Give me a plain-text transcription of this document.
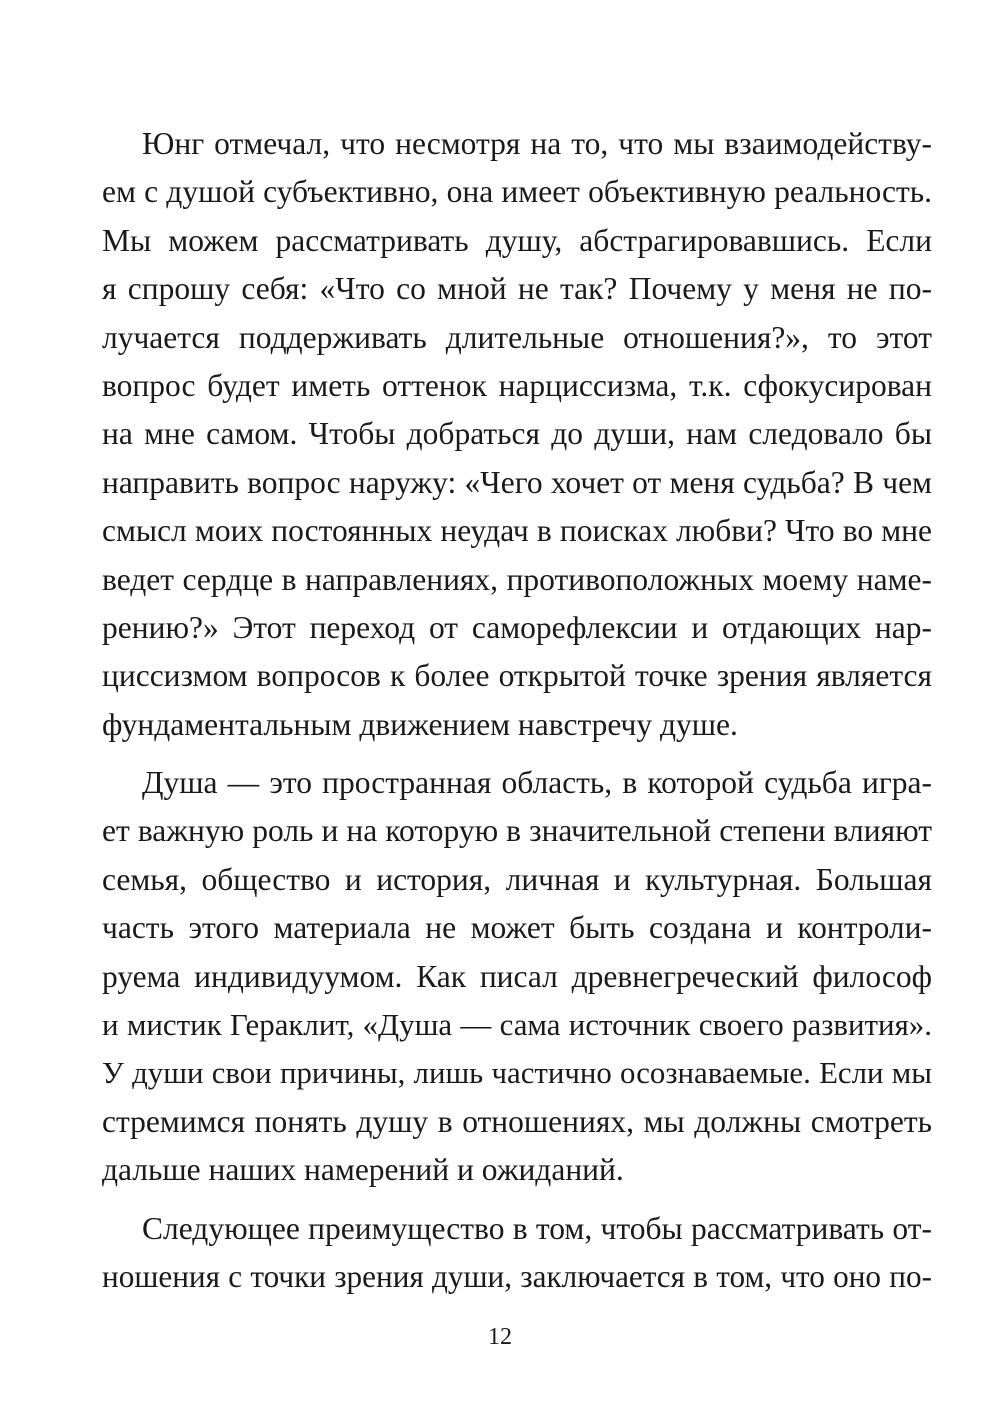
Юнг отмечал, что несмотря на то, что мы взаимодейству-
ем с душой субъективно, она имеет объективную реальность.
Мы можем рассматривать душу, абстрагировавшись. Если
я спрошу себя: «Что со мной не так? Почему у меня не по-
лучается поддерживать длительные отношения?», то этот
вопрос будет иметь оттенок нарциссизма, т.к. сфокусирован
на мне самом. Чтобы добраться до души, нам следовало бы
направить вопрос наружу: «Чего хочет от меня судьба? В чем
смысл моих постоянных неудач в поисках любви? Что во мне
ведет сердце в направлениях, противоположных моему наме-
рению?» Этот переход от саморефлексии и отдающих нар-
циссизмом вопросов к более открытой точке зрения является
фундаментальным движением навстречу душе.
Душа — это пространная область, в которой судьба игра-
ет важную роль и на которую в значительной степени влияют
семья, общество и история, личная и культурная. Большая
часть этого материала не может быть создана и контроли-
руема индивидуумом. Как писал древнегреческий философ
и мистик Гераклит, «Душа — сама источник своего развития».
У души свои причины, лишь частично осознаваемые. Если мы
стремимся понять душу в отношениях, мы должны смотреть
дальше наших намерений и ожиданий.
Следующее преимущество в том, чтобы рассматривать от-
ношения с точки зрения души, заключается в том, что оно по-
12
